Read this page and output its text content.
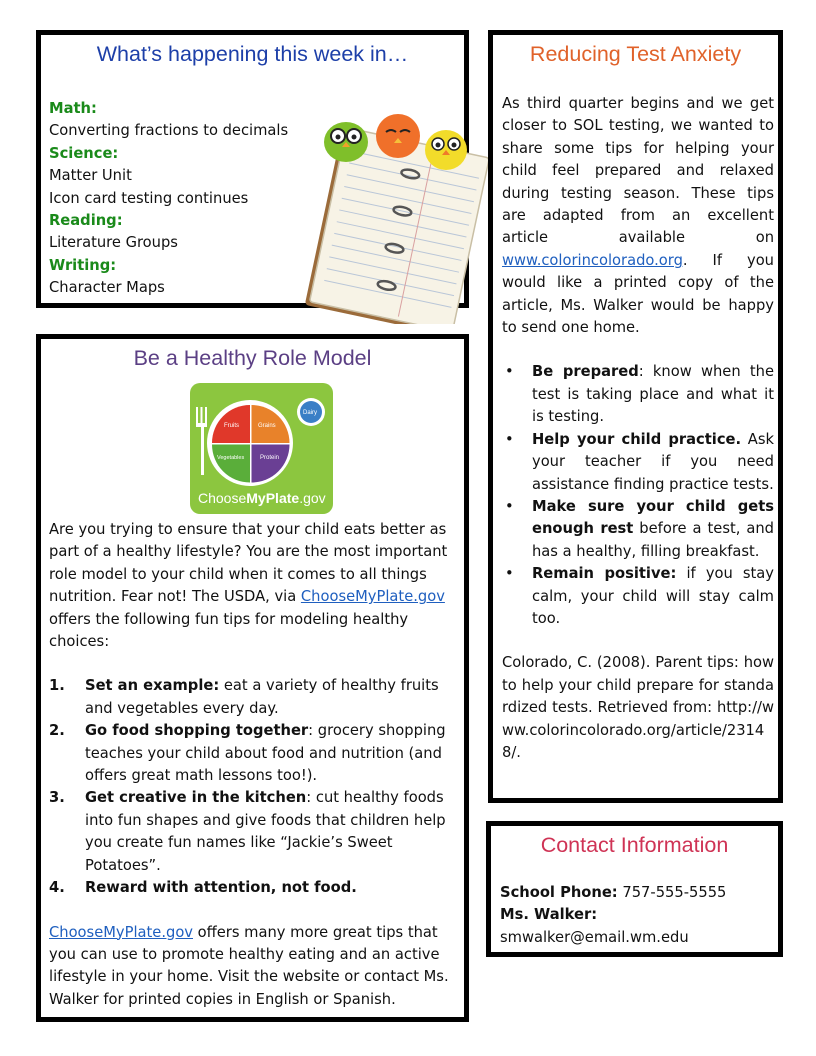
What’s happening this week in…
Math:
Converting fractions to decimals
Science:
Matter Unit
Icon card testing continues
Reading:
Literature Groups
Writing:
Character Maps
Be a Healthy Role Model
Fruits	Grains
Vegetables	Protein
Dairy
ChooseMyPlate.gov

Are you trying to ensure that your child eats better as part of a healthy lifestyle? You are the most important role model to your child when it comes to all things nutrition. Fear not! The USDA, via ChooseMyPlate.gov offers the following fun tips for modeling healthy choices:

1. Set an example: eat a variety of healthy fruits and vegetables every day.
2. Go food shopping together: grocery shopping teaches your child about food and nutrition (and offers great math lessons too!).
3. Get creative in the kitchen: cut healthy foods into fun shapes and give foods that children help you create fun names like “Jackie’s Sweet Potatoes”.
4. Reward with attention, not food.

ChooseMyPlate.gov offers many more great tips that you can use to promote healthy eating and an active lifestyle in your home. Visit the website or contact Ms. Walker for printed copies in English or Spanish.

Reducing Test Anxiety

As third quarter begins and we get closer to SOL testing, we wanted to share some tips for helping your child feel prepared and relaxed during testing season. These tips are adapted from an excellent article available on www.colorincolorado.org. If you would like a printed copy of the article, Ms. Walker would be happy to send one home.

• Be prepared: know when the test is taking place and what it is testing.
• Help your child practice. Ask your teacher if you need assistance finding practice tests.
• Make sure your child gets enough rest before a test, and has a healthy, filling breakfast.
• Remain positive: if you stay calm, your child will stay calm too.

Colorado, C. (2008). Parent tips: how to help your child prepare for standardized tests. Retrieved from: http://www.colorincolorado.org/article/23148/.

Contact Information
School Phone: 757-555-5555
Ms. Walker:
smwalker@email.wm.edu
